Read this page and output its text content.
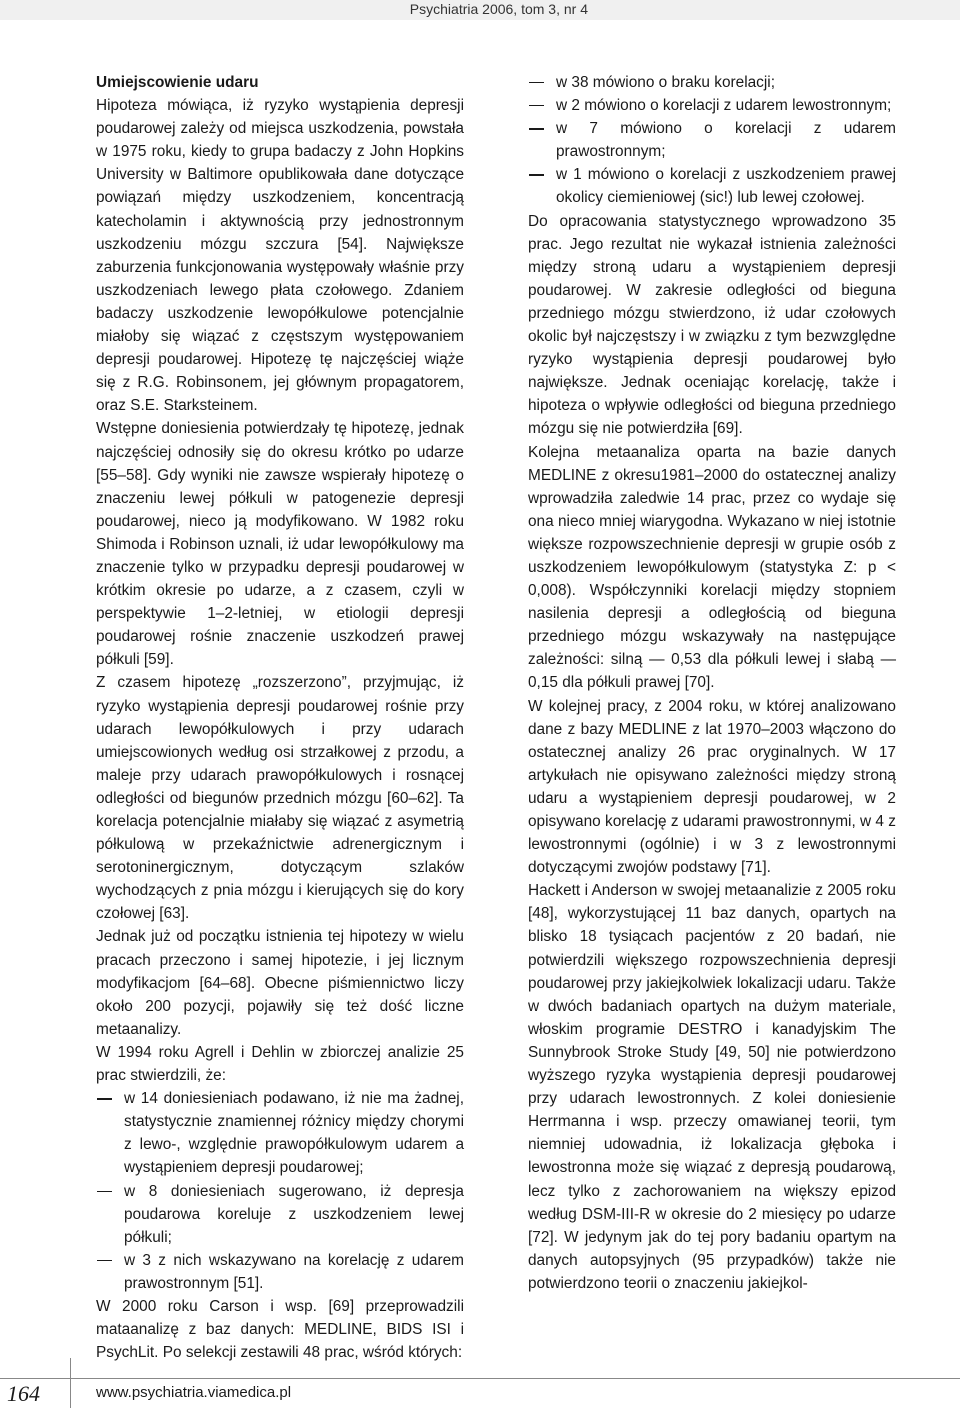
Psychiatria 2006, tom 3, nr 4
Umiejscowienie udaru

Hipoteza mówiąca, iż ryzyko wystąpienia depresji poudarowej zależy od miejsca uszkodzenia, powstała w 1975 roku, kiedy to grupa badaczy z John Hopkins University w Baltimore opublikowała dane dotyczące powiązań między uszkodzeniem, koncentracją katecholamin i aktywnością przy jednostronnym uszkodzeniu mózgu szczura [54]. Największe zaburzenia funkcjonowania występowały właśnie przy uszkodzeniach lewego płata czołowego. Zdaniem badaczy uszkodzenie lewopółkulowe potencjalnie miałoby się wiązać z częstszym występowaniem depresji poudarowej. Hipotezę tę najczęściej wiąże się z R.G. Robinsonem, jej głównym propagatorem, oraz S.E. Starksteinem.

Wstępne doniesienia potwierdzały tę hipotezę, jednak najczęściej odnosiły się do okresu krótko po udarze [55–58]. Gdy wyniki nie zawsze wspierały hipotezę o znaczeniu lewej półkuli w patogenezie depresji poudarowej, nieco ją modyfikowano. W 1982 roku Shimoda i Robinson uznali, iż udar lewopółkulowy ma znaczenie tylko w przypadku depresji poudarowej w krótkim okresie po udarze, a z czasem, czyli w perspektywie 1–2-letniej, w etiologii depresji poudarowej rośnie znaczenie uszkodzeń prawej półkuli [59].

Z czasem hipotezę „rozszerzono”, przyjmując, iż ryzyko wystąpienia depresji poudarowej rośnie przy udarach lewopółkulowych i przy udarach umiejscowionych według osi strzałkowej z przodu, a maleje przy udarach prawopółkulowych i rosnącej odległości od biegunów przednich mózgu [60–62]. Ta korelacja potencjalnie miałaby się wiązać z asymetrią półkulową w przekaźnictwie adrenergicznym i serotoninergicznym, dotyczącym szlaków wychodzących z pnia mózgu i kierujących się do kory czołowej [63].

Jednak już od początku istnienia tej hipotezy w wielu pracach przeczono i samej hipotezie, i jej licznym modyfikacjom [64–68]. Obecne piśmiennictwo liczy około 200 pozycji, pojawiły się też dość liczne metaanalizy.

W 1994 roku Agrell i Dehlin w zbiorczej analizie 25 prac stwierdzili, że:

w 14 doniesieniach podawano, iż nie ma żadnej, statystycznie znamiennej różnicy między chorymi z lewo-, względnie prawopółkulowym udarem a wystąpieniem depresji poudarowej;
w 8 doniesieniach sugerowano, iż depresja poudarowa koreluje z uszkodzeniem lewej półkuli;
w 3 z nich wskazywano na korelację z udarem prawostronnym [51].

W 2000 roku Carson i wsp. [69] przeprowadzili mataanalizę z baz danych: MEDLINE, BIDS ISI i PsychLit. Po selekcji zestawili 48 prac, wśród których:

w 38 mówiono o braku korelacji;
w 2 mówiono o korelacji z udarem lewostronnym;
w 7 mówiono o korelacji z udarem prawostronnym;
w 1 mówiono o korelacji z uszkodzeniem prawej okolicy ciemieniowej (sic!) lub lewej czołowej.

Do opracowania statystycznego wprowadzono 35 prac. Jego rezultat nie wykazał istnienia zależności między stroną udaru a wystąpieniem depresji poudarowej. W zakresie odległości od bieguna przedniego mózgu stwierdzono, iż udar czołowych okolic był najczęstszy i w związku z tym bezwzględne ryzyko wystąpienia depresji poudarowej było największe. Jednak oceniając korelację, także i hipoteza o wpływie odległości od bieguna przedniego mózgu się nie potwierdziła [69].

Kolejna metaanaliza oparta na bazie danych MEDLINE z okresu1981–2000 do ostatecznej analizy wprowadziła zaledwie 14 prac, przez co wydaje się ona nieco mniej wiarygodna. Wykazano w niej istotnie większe rozpowszechnienie depresji w grupie osób z uszkodzeniem lewopółkulowym (statystyka Z: p < 0,008). Współczynniki korelacji między stopniem nasilenia depresji a odległością od bieguna przedniego mózgu wskazywały na następujące zależności: silną — 0,53 dla półkuli lewej i słabą — 0,15 dla półkuli prawej [70].

W kolejnej pracy, z 2004 roku, w której analizowano dane z bazy MEDLINE z lat 1970–2003 włączono do ostatecznej analizy 26 prac oryginalnych. W 17 artykułach nie opisywano zależności między stroną udaru a wystąpieniem depresji poudarowej, w 2 opisywano korelację z udarami prawostronnymi, w 4 z lewostronnymi (ogólnie) i w 3 z lewostronnymi dotyczącymi zwojów podstawy [71].

Hackett i Anderson w swojej metaanalizie z 2005 roku [48], wykorzystującej 11 baz danych, opartych na blisko 18 tysiącach pacjentów z 20 badań, nie potwierdzili większego rozpowszechnienia depresji poudarowej przy jakiejkolwiek lokalizacji udaru. Także w dwóch badaniach opartych na dużym materiale, włoskim programie DESTRO i kanadyjskim The Sunnybrook Stroke Study [49, 50] nie potwierdzono wyższego ryzyka wystąpienia depresji poudarowej przy udarach lewostronnych. Z kolei doniesienie Herrmanna i wsp. przeczy omawianej teorii, tym niemniej udowadnia, iż lokalizacja głęboka i lewostronna może się wiązać z depresją poudarową, lecz tylko z zachorowaniem na większy epizod według DSM-III-R w okresie do 2 miesięcy po udarze [72]. W jedynym jak do tej pory badaniu opartym na danych autopsyjnych (95 przypadków) także nie potwierdzono teorii o znaczeniu jakiejkol-

164	www.psychiatria.viamedica.pl
